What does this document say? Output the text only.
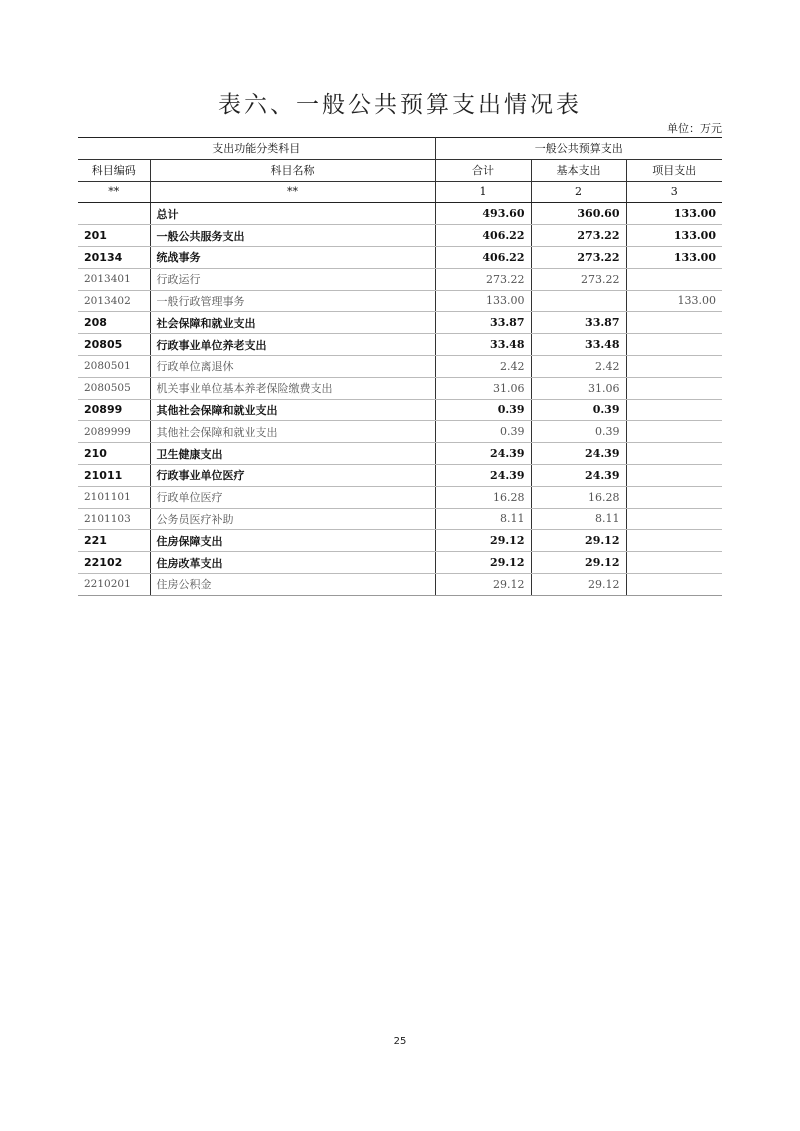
表六、一般公共预算支出情况表
单位：万元
支出功能分类科目		一般公共预算支出		
科目编码	科目名称	合计	基本支出	项目支出
**	**	1	2	3
	总计	493.60	360.60	133.00
201	一般公共服务支出	406.22	273.22	133.00
20134	统战事务	406.22	273.22	133.00
2013401	行政运行	273.22	273.22	
2013402	一般行政管理事务	133.00		133.00
208	社会保障和就业支出	33.87	33.87	
20805	行政事业单位养老支出	33.48	33.48	
2080501	行政单位离退休	2.42	2.42	
2080505	机关事业单位基本养老保险缴费支出	31.06	31.06	
20899	其他社会保障和就业支出	0.39	0.39	
2089999	其他社会保障和就业支出	0.39	0.39	
210	卫生健康支出	24.39	24.39	
21011	行政事业单位医疗	24.39	24.39	
2101101	行政单位医疗	16.28	16.28	
2101103	公务员医疗补助	8.11	8.11	
221	住房保障支出	29.12	29.12	
22102	住房改革支出	29.12	29.12	
2210201	住房公积金	29.12	29.12	
25
